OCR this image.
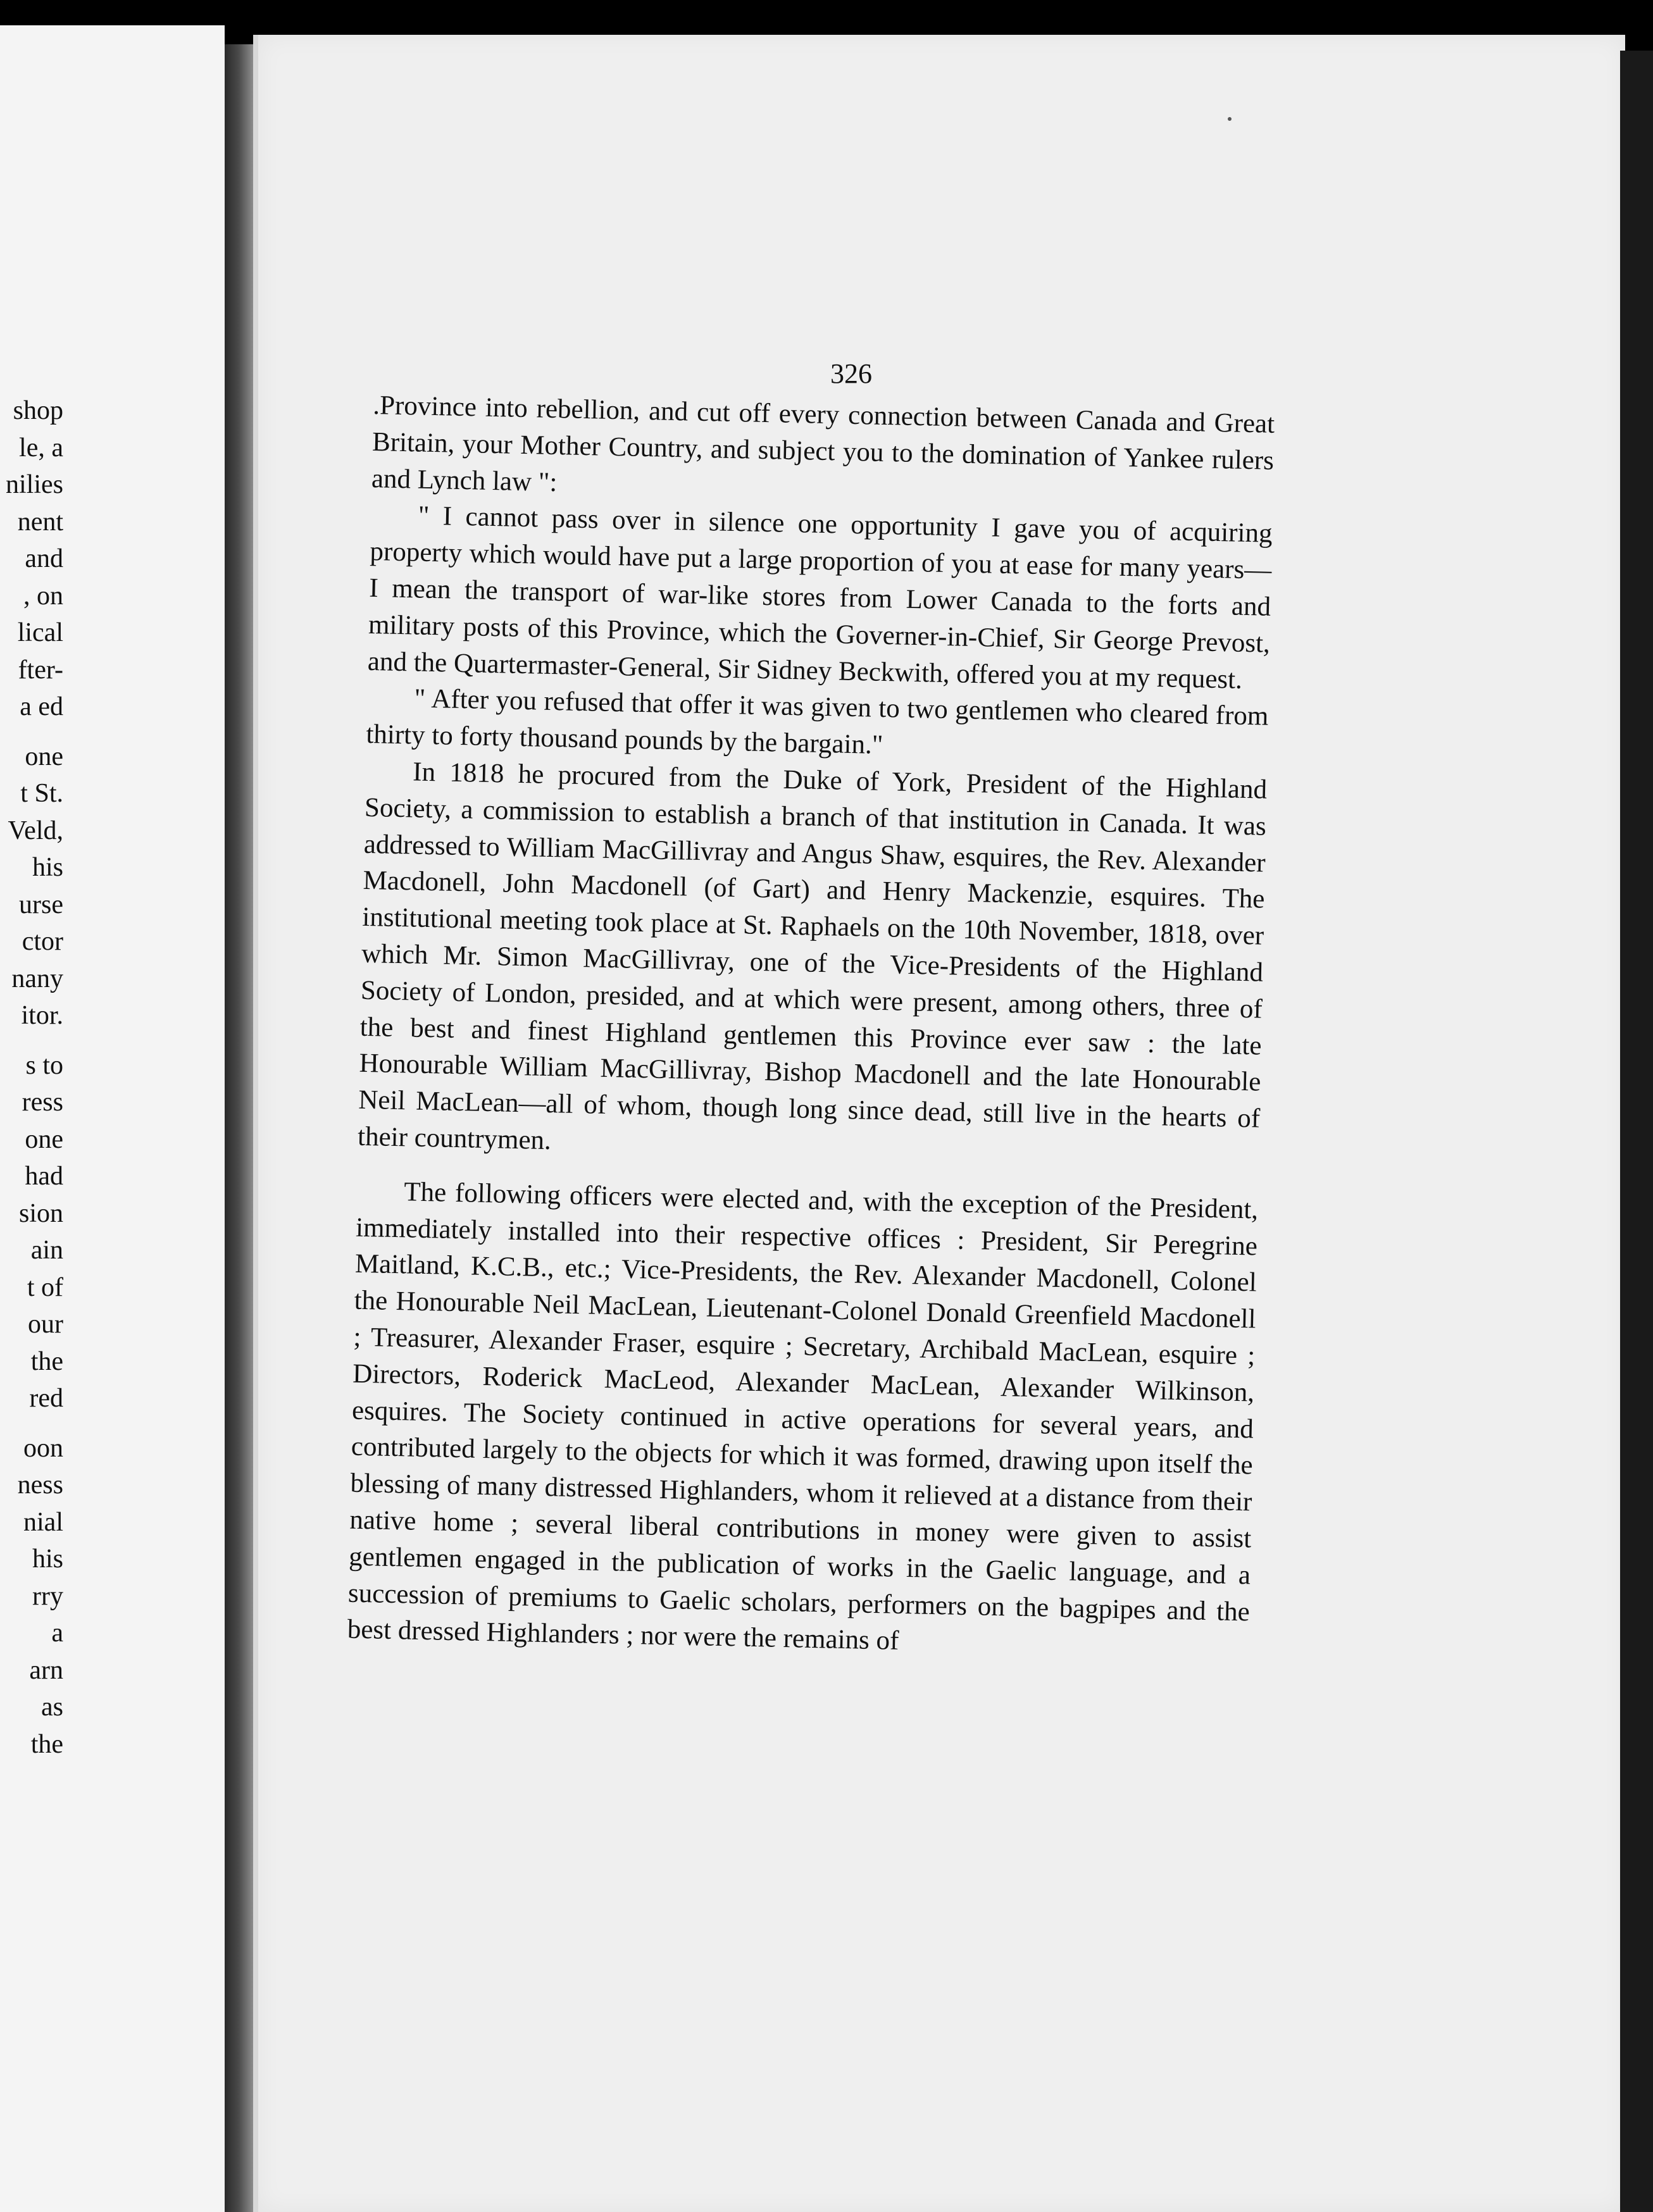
shop
le, a
nilies
nent
and
, on
lical
fter-
a ed
one
t St.
Veld,
his
urse
ctor
nany
itor.
s to
ress
one
had
sion
ain
t of
our
the
red
oon
ness
nial
his
rry
a
arn
as
the
326

.Province into rebellion, and cut off every connection between Canada and Great Britain, your Mother Country, and subject you to the domination of Yankee rulers and Lynch law ":

" I cannot pass over in silence one opportunity I gave you of acquiring property which would have put a large proportion of you at ease for many years—I mean the transport of war-like stores from Lower Canada to the forts and military posts of this Province, which the Governer-in-Chief, Sir George Prevost, and the Quartermaster-General, Sir Sidney Beckwith, offered you at my request.

" After you refused that offer it was given to two gentlemen who cleared from thirty to forty thousand pounds by the bargain."

In 1818 he procured from the Duke of York, President of the Highland Society, a commission to establish a branch of that institution in Canada. It was addressed to William MacGillivray and Angus Shaw, esquires, the Rev. Alexander Macdonell, John Macdonell (of Gart) and Henry Mackenzie, esquires. The institutional meeting took place at St. Raphaels on the 10th November, 1818, over which Mr. Simon MacGillivray, one of the Vice-Presidents of the Highland Society of London, presided, and at which were present, among others, three of the best and finest Highland gentlemen this Province ever saw : the late Honourable William MacGillivray, Bishop Macdonell and the late Honourable Neil MacLean—all of whom, though long since dead, still live in the hearts of their countrymen.

The following officers were elected and, with the exception of the President, immediately installed into their respective offices : President, Sir Peregrine Maitland, K.C.B., etc.; Vice-Presidents, the Rev. Alexander Macdonell, Colonel the Honourable Neil MacLean, Lieutenant-Colonel Donald Greenfield Macdonell ; Treasurer, Alexander Fraser, esquire ; Secretary, Archibald MacLean, esquire ; Directors, Roderick MacLeod, Alexander MacLean, Alexander Wilkinson, esquires. The Society continued in active operations for several years, and contributed largely to the objects for which it was formed, drawing upon itself the blessing of many distressed Highlanders, whom it relieved at a distance from their native home ; several liberal contributions in money were given to assist gentlemen engaged in the publication of works in the Gaelic language, and a succession of premiums to Gaelic scholars, performers on the bagpipes and the best dressed Highlanders ; nor were the remains of
